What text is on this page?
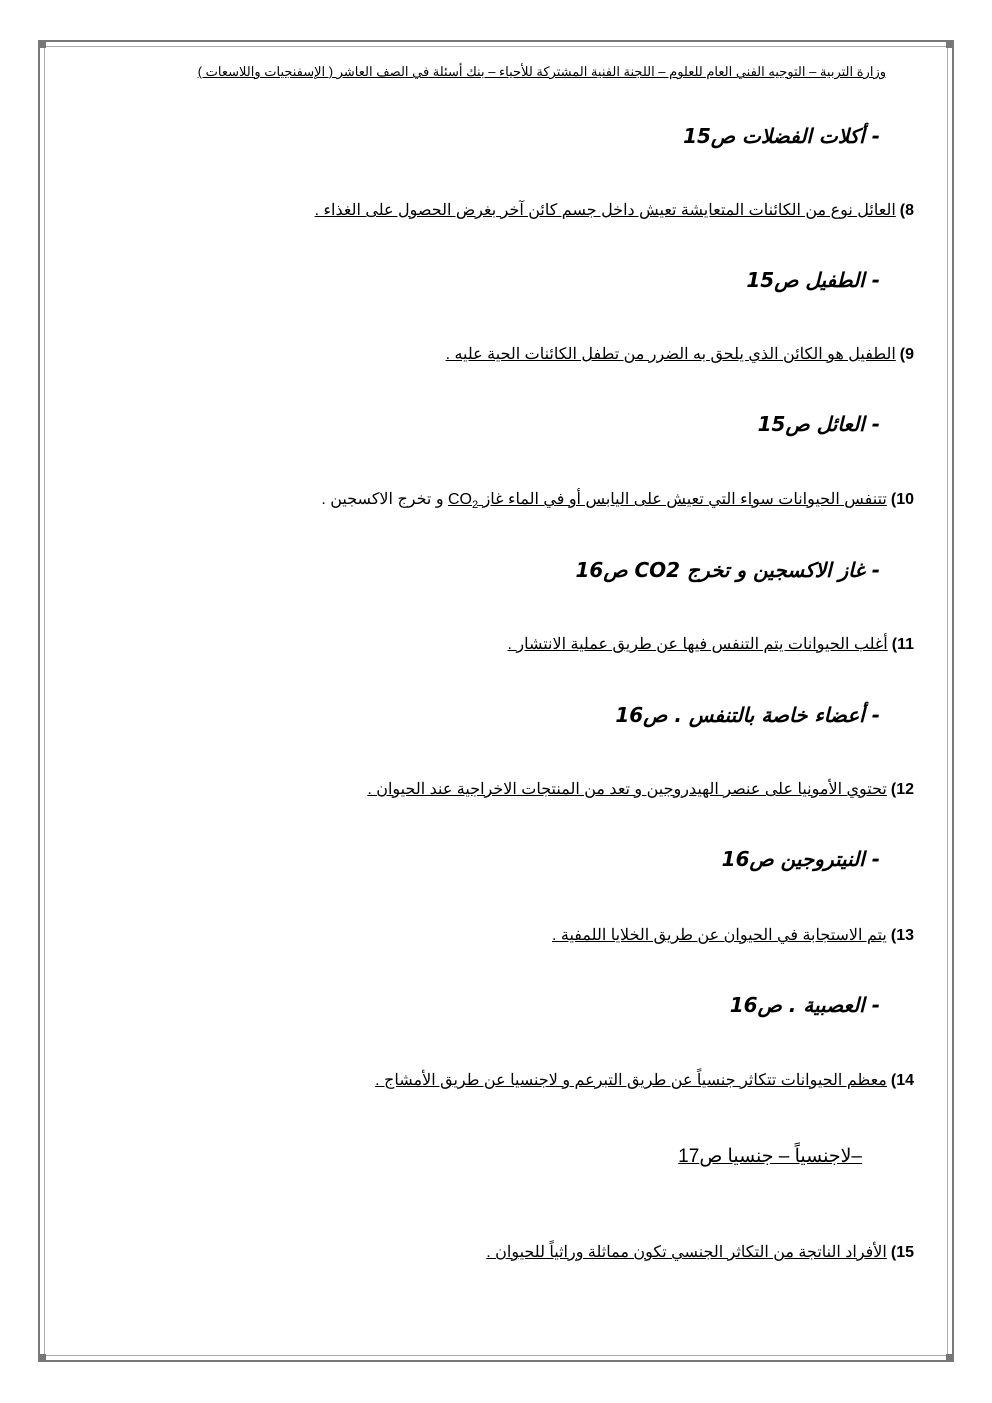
وزارة التربية – التوجيه الفني العام للعلوم – اللجنة الفنية المشتركة للأحياء – بنك أسئلة في الصف العاشر ( الإسفنجيات واللاسعات )
- أكلات الفضلات ص15
8)العائل نوع من الكائنات المتعايشة تعيش داخل جسم كائن آخر بغرض الحصول على الغذاء .
- الطفيل ص15
9)الطفيل هو الكائن الذي يلحق به الضرر من تطفل الكائنات الحية عليه .
- العائل ص15
10)تتنفس الحيوانات سواء التي تعيش على اليابس أو في الماء غاز $CO_2$ و تخرج الاكسجين .
- غاز الاكسجين و تخرج CO2 ص16
11)أغلب الحيوانات يتم التنفس فيها عن طريق عملية الانتشار .
- أعضاء خاصة بالتنفس . ص16
12)تحتوي الأمونيا على عنصر الهيدروجين و تعد من المنتجات الاخراجية عند الحيوان .
- النيتروجين ص16
13)يتم الاستجابة في الحيوان عن طريق الخلايا اللمفية .
- العصبية . ص16
14)معظم الحيوانات تتكاثر جنسياً عن طريق التبرعم و لاجنسيا عن طريق الأمشاج .
–لاجنسياً – جنسيا ص17
15)الأفراد الناتجة من التكاثر الجنسي تكون مماثلة وراثياً للحيوان .
